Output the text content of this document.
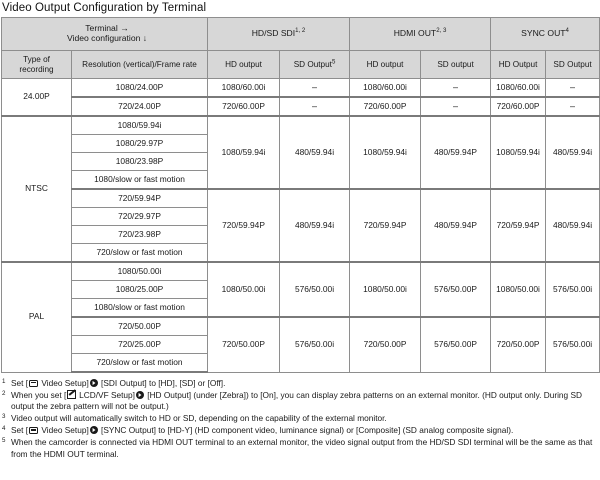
Video Output Configuration by Terminal
Terminal →
Video configuration ↓		HD/SD SDI$^{1, 2}$		HDMI OUT$^{2, 3}$		SYNC OUT$^4$

Type of
recording	Resolution (vertical)/Frame rate	HD output	SD Output$^5$	HD output	SD output	HD Output	SD Output
24.00P	1080/24.00P	1080/60.00i	–	1080/60.00i	–	1080/60.00i	–
	720/24.00P	720/60.00P	–	720/60.00P	–	720/60.00P	–
NTSC	1080/59.94i	1080/59.94i	480/59.94i	1080/59.94i	480/59.94P	1080/59.94i	480/59.94i
	1080/29.97P						
	1080/23.98P						
	1080/slow or fast motion						
	720/59.94P	720/59.94P	480/59.94i	720/59.94P	480/59.94P	720/59.94P	480/59.94i
	720/29.97P						
	720/23.98P						
	720/slow or fast motion						
PAL	1080/50.00i	1080/50.00i	576/50.00i	1080/50.00i	576/50.00P	1080/50.00i	576/50.00i
	1080/25.00P						
	1080/slow or fast motion						
	720/50.00P	720/50.00P	576/50.00i	720/50.00P	576/50.00P	720/50.00P	576/50.00i
	720/25.00P						
	720/slow or fast motion						
1 Set [ Video Setup]
[SDI Output] to [HD], [SD] or [Off].
2 When you set [ LCD/VF Setup]
[HD Output] (under [Zebra]) to [On], you can display zebra patterns on an external monitor. (HD output only. During SD output the zebra pattern will not be output.)
3 Video output will automatically switch to HD or SD, depending on the capability of the external monitor.
4 Set [ Video Setup]
[SYNC Output] to [HD-Y] (HD component video, luminance signal) or [Composite] (SD analog composite signal).
5 When the camcorder is connected via HDMI OUT terminal to an external monitor, the video signal output from the HD/SD SDI terminal will be the same as that from the HDMI OUT terminal.
